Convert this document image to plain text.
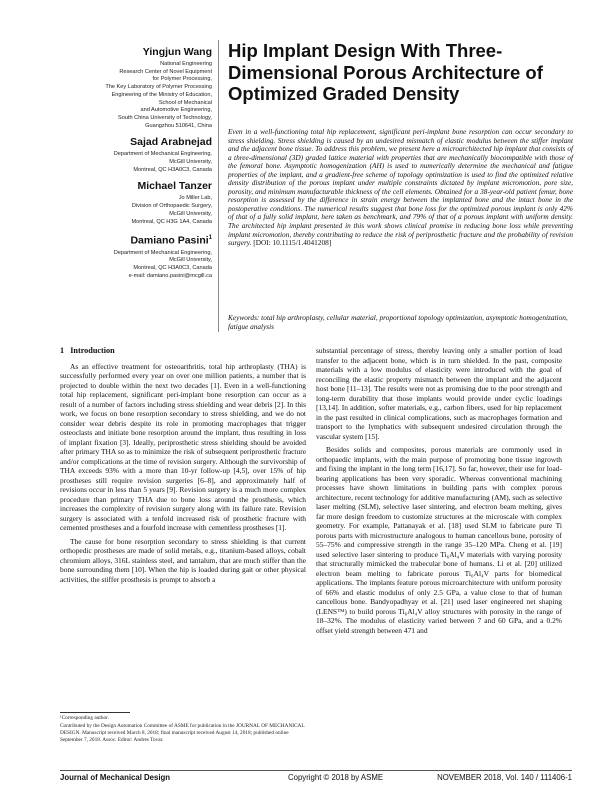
Yingjun Wang
National Engineering
Research Center of Novel Equipment
for Polymer Processing,
The Key Laboratory of Polymer Processing
Engineering of the Ministry of Education,
School of Mechanical
and Automotive Engineering,
South China University of Technology,
Guangzhou 510641, China
Sajad Arabnejad
Department of Mechanical Engineering,
McGill University,
Montreal, QC H3A0C3, Canada
Michael Tanzer
Jo Miller Lab,
Division of Orthopaedic Surgery,
McGill University,
Montreal, QC H3G 1A4, Canada
Damiano Pasini$^1$
Department of Mechanical Engineering,
McGill University,
Montreal, QC H3A0C3, Canada
e-mail: damiano.pasini@mcgill.ca
Hip Implant Design With Three-Dimensional Porous Architecture of Optimized Graded Density
Even in a well-functioning total hip replacement, significant peri-implant bone resorption can occur secondary to stress shielding. Stress shielding is caused by an undesired mismatch of elastic modulus between the stiffer implant and the adjacent bone tissue. To address this problem, we present here a microarchitected hip implant that consists of a three-dimensional (3D) graded lattice material with properties that are mechanically biocompatible with those of the femoral bone. Asymptotic homogenization (AH) is used to numerically determine the mechanical and fatigue properties of the implant, and a gradient-free scheme of topology optimization is used to find the optimized relative density distribution of the porous implant under multiple constraints dictated by implant micromotion, pore size, porosity, and minimum manufacturable thickness of the cell elements. Obtained for a 38-year-old patient femur, bone resorption is assessed by the difference in strain energy between the implanted bone and the intact bone in the postoperative conditions. The numerical results suggest that bone loss for the optimized porous implant is only 42% of that of a fully solid implant, here taken as benchmark, and 79% of that of a porous implant with uniform density. The architected hip implant presented in this work shows clinical promise in reducing bone loss while preventing implant micromotion, thereby contributing to reduce the risk of periprosthetic fracture and the probability of revision surgery. [DOI: 10.1115/1.4041208]
Keywords: total hip arthroplasty, cellular material, proportional topology optimization, asymptotic homogenization, fatigue analysis

1 Introduction

As an effective treatment for osteoarthritis, total hip arthroplasty (THA) is successfully performed every year on over one million patients, a number that is projected to double within the next two decades [1]. Even in a well-functioning total hip replacement, significant peri-implant bone resorption can occur as a result of a number of factors including stress shielding and wear debris [2]. In this work, we focus on bone resorption secondary to stress shielding, and we do not consider wear debris despite its role in promoting macrophages that trigger osteoclasts and initiate bone resorption around the implant, thus resulting in loss of implant fixation [3]. Ideally, periprosthetic stress shielding should be avoided after primary THA so as to minimize the risk of subsequent periprosthetic fracture and/or complications at the time of revision surgery. Although the survivorship of THA exceeds 93% with a more than 10-yr follow-up [4,5], over 15% of hip prostheses still require revision surgeries [6–8], and approximately half of revisions occur in less than 5 years [9]. Revision surgery is a much more complex procedure than primary THA due to bone loss around the prosthesis, which increases the complexity of revision surgery along with its failure rate. Revision surgery is associated with a tenfold increased risk of prosthetic fracture with cemented prostheses and a fourfold increase with cementless prostheses [1].

The cause for bone resorption secondary to stress shielding is that current orthopedic prostheses are made of solid metals, e.g., titanium-based alloys, cobalt chromium alloys, 316L stainless steel, and tantalum, that are much stiffer than the bone surrounding them [10]. When the hip is loaded during gait or other physical activities, the stiffer prosthesis is prompt to absorb a

substantial percentage of stress, thereby leaving only a smaller portion of load transfer to the adjacent bone, which is in turn shielded. In the past, composite materials with a low modulus of elasticity were introduced with the goal of reconciling the elastic property mismatch between the implant and the adjacent host bone [11–13]. The results were not as promising due to the poor strength and long-term durability that those implants would provide under cyclic loadings [13,14]. In addition, softer materials, e.g., carbon fibers, used for hip replacement in the past resulted in clinical complications, such as macrophages formation and transport to the lymphatics with subsequent undesired circulation through the vascular system [15].

Besides solids and composites, porous materials are commonly used in orthopaedic implants, with the main purpose of promoting bone tissue ingrowth and fixing the implant in the long term [16,17]. So far, however, their use for load-bearing applications has been very sporadic. Whereas conventional machining processes have shown limitations in building parts with complex porous architecture, recent technology for additive manufacturing (AM), such as selective laser melting (SLM), selective laser sintering, and electron beam melting, gives far more design freedom to customize structures at the microscale with complex geometry. For example, Pattanayak et al. [18] used SLM to fabricate pure Ti porous parts with microstructure analogous to human cancellous bone, porosity of 55–75% and compressive strength in the range 35–120 MPa. Cheng et al. [19] used selective laser sintering to produce Ti₆Al₄V materials with varying porosity that structurally mimicked the trabecular bone of humans. Li et al. [20] utilized electron beam melting to fabricate porous Ti₆Al₄V parts for biomedical applications. The implants feature porous microarchitecture with uniform porosity of 66% and elastic modulus of only 2.5 GPa, a value close to that of human cancellous bone. Bandyopadhyay et al. [21] used laser engineered net shaping (LENS™) to build porous Ti₆Al₄V alloy structures with porosity in the range of 18–32%. The modulus of elasticity varied between 7 and 60 GPa, and a 0.2% offset yield strength between 471 and

¹Corresponding author.

Contributed by the Design Automation Committee of ASME for publication in the JOURNAL OF MECHANICAL DESIGN. Manuscript received March 8, 2018; final manuscript received August 14, 2018; published online September 7, 2018. Assoc. Editor: Andres Tovar.

Journal of Mechanical Design	Copyright © 2018 by ASME	NOVEMBER 2018, Vol. 140 / 111406-1
